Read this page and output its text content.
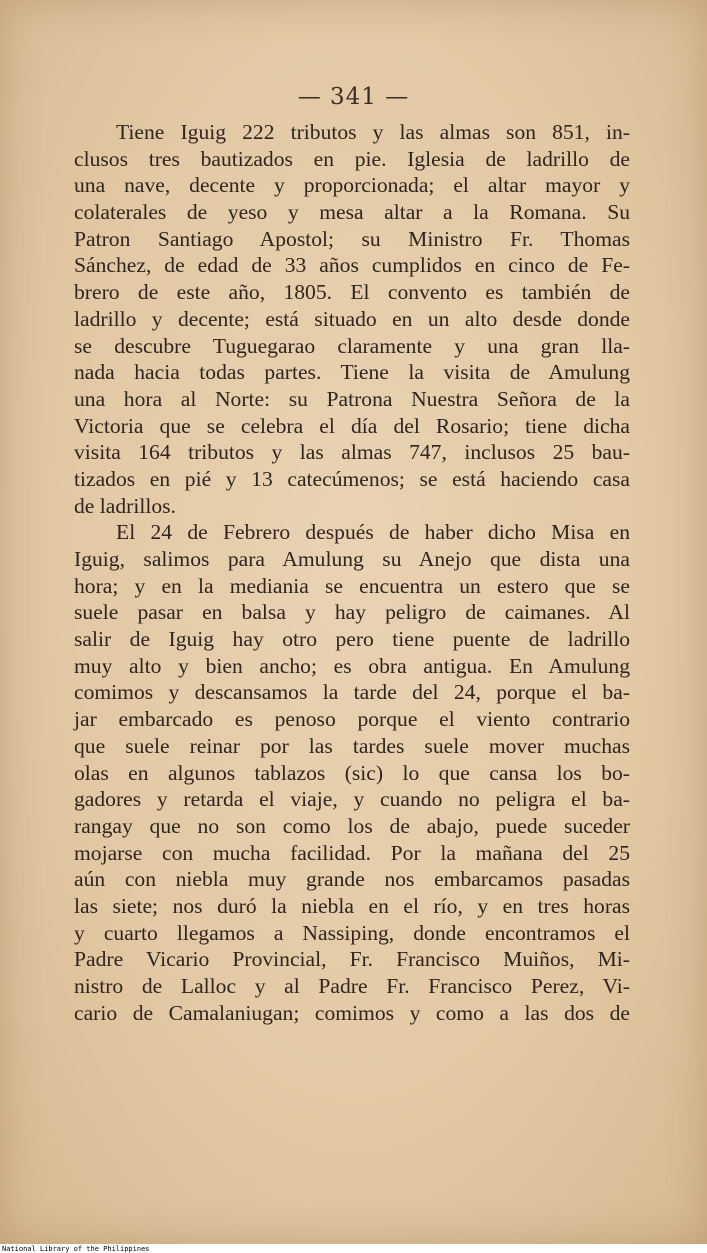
— 341 —
Tiene Iguig 222 tributos y las almas son 851, in-
clusos tres bautizados en pie. Iglesia de ladrillo de
una nave, decente y proporcionada; el altar mayor y
colaterales de yeso y mesa altar a la Romana. Su
Patron Santiago Apostol; su Ministro Fr. Thomas
Sánchez, de edad de 33 años cumplidos en cinco de Fe-
brero de este año, 1805. El convento es también de
ladrillo y decente; está situado en un alto desde donde
se descubre Tuguegarao claramente y una gran lla-
nada hacia todas partes. Tiene la visita de Amulung
una hora al Norte: su Patrona Nuestra Señora de la
Victoria que se celebra el día del Rosario; tiene dicha
visita 164 tributos y las almas 747, inclusos 25 bau-
tizados en pié y 13 catecúmenos; se está haciendo casa
de ladrillos.
El 24 de Febrero después de haber dicho Misa en
Iguig, salimos para Amulung su Anejo que dista una
hora; y en la mediania se encuentra un estero que se
suele pasar en balsa y hay peligro de caimanes. Al
salir de Iguig hay otro pero tiene puente de ladrillo
muy alto y bien ancho; es obra antigua. En Amulung
comimos y descansamos la tarde del 24, porque el ba-
jar embarcado es penoso porque el viento contrario
que suele reinar por las tardes suele mover muchas
olas en algunos tablazos (sic) lo que cansa los bo-
gadores y retarda el viaje, y cuando no peligra el ba-
rangay que no son como los de abajo, puede suceder
mojarse con mucha facilidad. Por la mañana del 25
aún con niebla muy grande nos embarcamos pasadas
las siete; nos duró la niebla en el río, y en tres horas
y cuarto llegamos a Nassiping, donde encontramos el
Padre Vicario Provincial, Fr. Francisco Muiños, Mi-
nistro de Lalloc y al Padre Fr. Francisco Perez, Vi-
cario de Camalaniugan; comimos y como a las dos de
National Library of the Philippines
